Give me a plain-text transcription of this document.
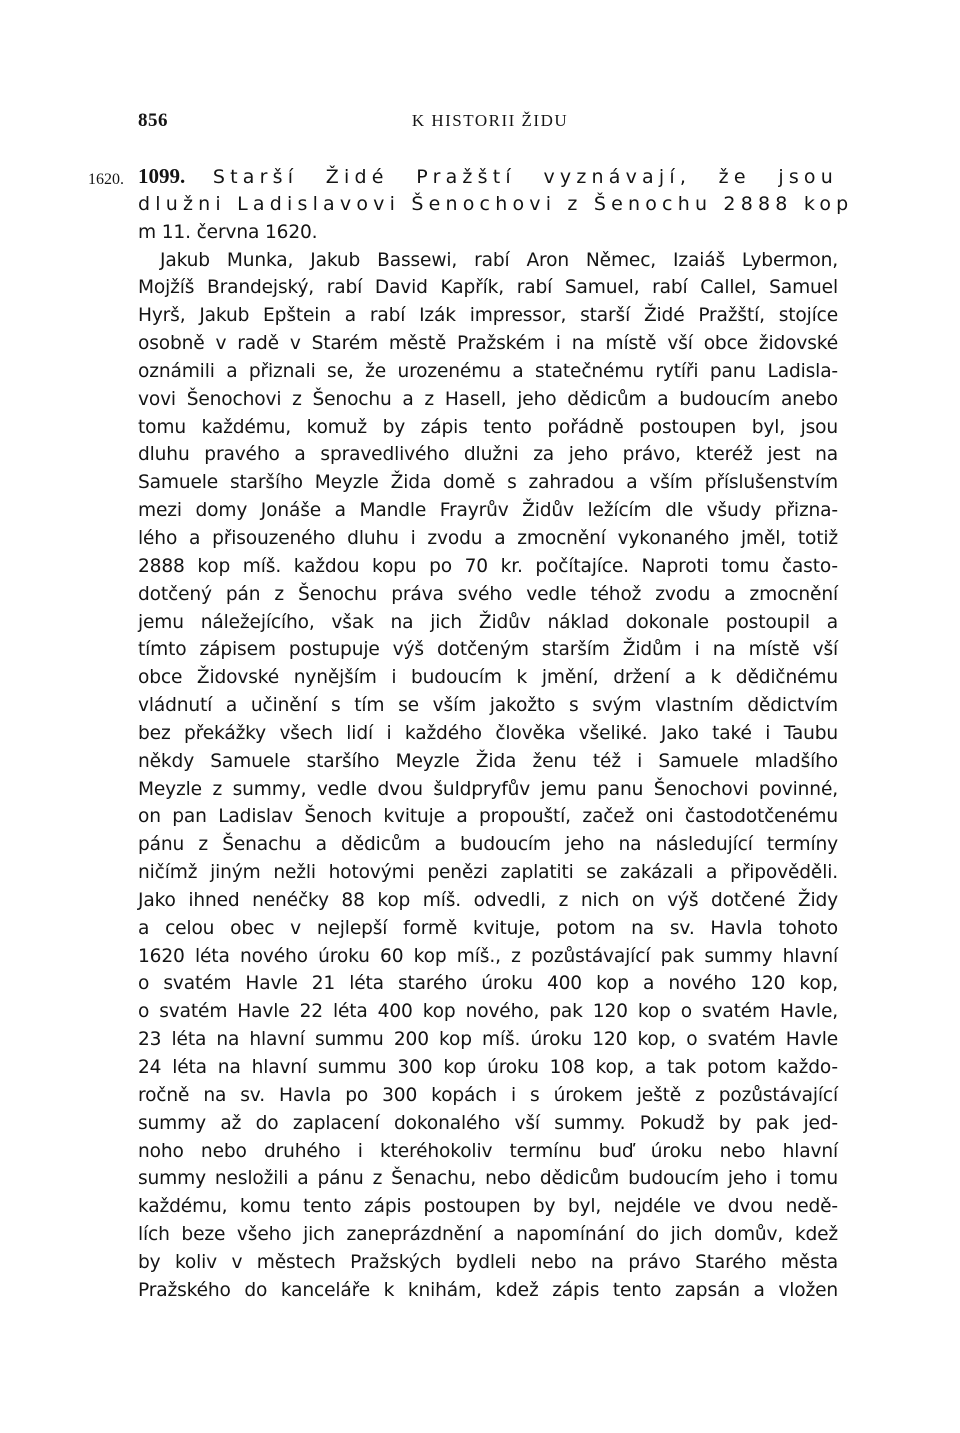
856	K HISTORII ŽIDU
1620. 1099. Starší Židé Pražští vyznávají, že jsou
dlužni Ladislavovi Šenochovi z Šenochu 2888 kop
m 11. června 1620.
Jakub Munka, Jakub Bassewi, rabí Aron Němec, Izaiáš Lybermon,
Mojžíš Brandejský, rabí David Kapřík, rabí Samuel, rabí Callel, Samuel
Hyrš, Jakub Epštein a rabí Izák impressor, starší Židé Pražští, stojíce
osobně v radě v Starém městě Pražském i na místě vší obce židovské
oznámili a přiznali se, že urozenému a statečnému rytíři panu Ladisla-
vovi Šenochovi z Šenochu a z Hasell, jeho dědicům a budoucím anebo
tomu každému, komuž by zápis tento pořádně postoupen byl, jsou
dluhu pravého a spravedlivého dlužni za jeho právo, kteréž jest na
Samuele staršího Meyzle Žida domě s zahradou a vším příslušenstvím
mezi domy Jonáše a Mandle Frayrův Židův ležícím dle všudy přizna-
lého a přisouzeného dluhu i zvodu a zmocnění vykonaného jměl, totiž
2888 kop míš. každou kopu po 70 kr. počítajíce. Naproti tomu často-
dotčený pán z Šenochu práva svého vedle téhož zvodu a zmocnění
jemu náležejícího, však na jich Židův náklad dokonale postoupil a
tímto zápisem postupuje výš dotčeným starším Židům i na místě vší
obce Židovské nynějším i budoucím k jmění, držení a k dědičnému
vládnutí a učinění s tím se vším jakožto s svým vlastním dědictvím
bez překážky všech lidí i každého člověka všeliké. Jako také i Taubu
někdy Samuele staršího Meyzle Žida ženu též i Samuele mladšího
Meyzle z summy, vedle dvou šuldpryfův jemu panu Šenochovi povinné,
on pan Ladislav Šenoch kvituje a propouští, začež oni častodotčenému
pánu z Šenachu a dědicům a budoucím jeho na následující termíny
ničímž jiným nežli hotovými penězi zaplatiti se zakázali a připověděli.
Jako ihned nenéčky 88 kop míš. odvedli, z nich on výš dotčené Židy
a celou obec v nejlepší formě kvituje, potom na sv. Havla tohoto
1620 léta nového úroku 60 kop míš., z pozůstávající pak summy hlavní
o svatém Havle 21 léta starého úroku 400 kop a nového 120 kop,
o svatém Havle 22 léta 400 kop nového, pak 120 kop o svatém Havle,
23 léta na hlavní summu 200 kop míš. úroku 120 kop, o svatém Havle
24 léta na hlavní summu 300 kop úroku 108 kop, a tak potom každo-
ročně na sv. Havla po 300 kopách i s úrokem ještě z pozůstávající
summy až do zaplacení dokonalého vší summy. Pokudž by pak jed-
noho nebo druhého i kteréhokoliv termínu buď úroku nebo hlavní
summy nesložili a pánu z Šenachu, nebo dědicům budoucím jeho i tomu
každému, komu tento zápis postoupen by byl, nejdéle ve dvou nedě-
lích beze všeho jich zaneprázdnění a napomínání do jich domův, kdež
by koliv v městech Pražských bydleli nebo na právo Starého města
Pražského do kanceláře k knihám, kdež zápis tento zapsán a vložen
